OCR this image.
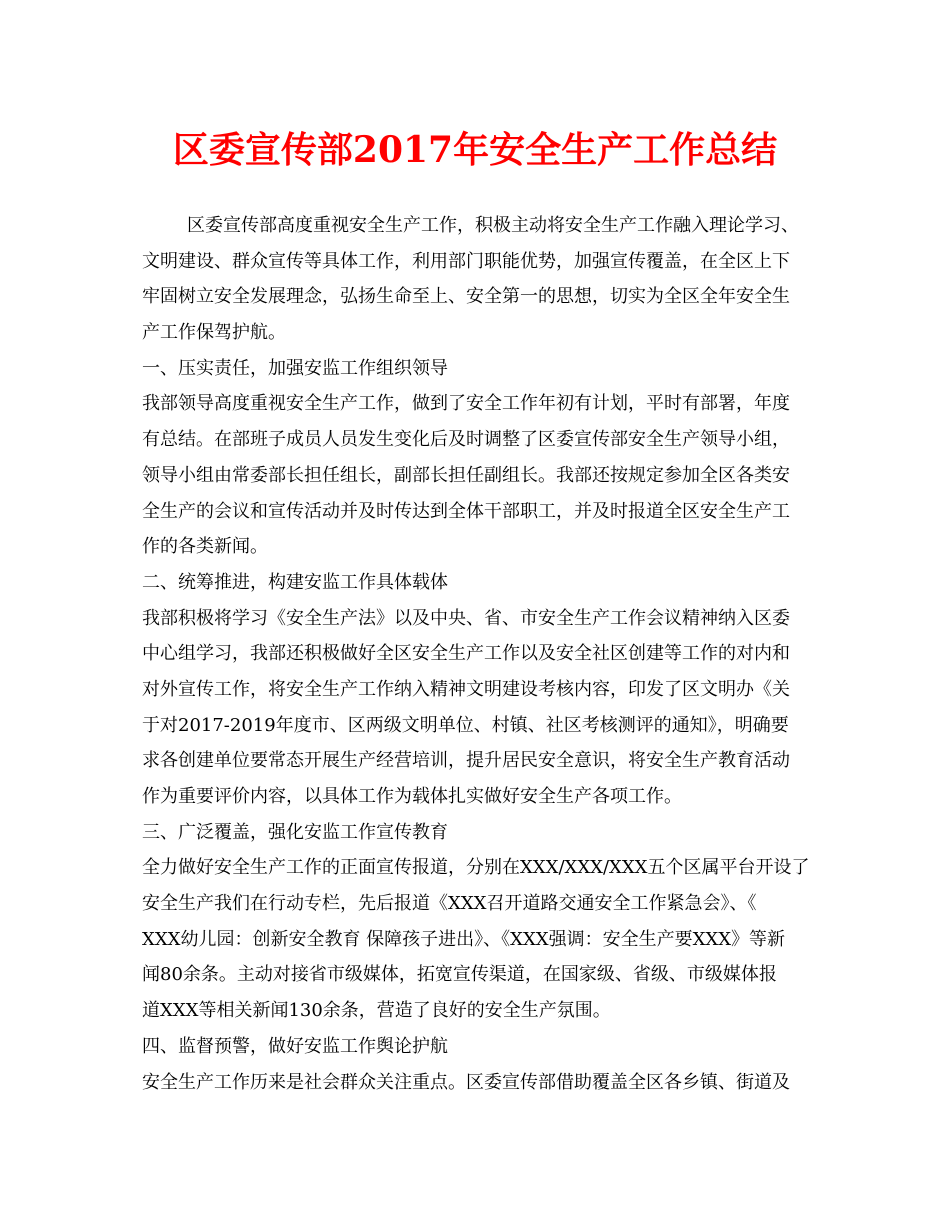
区委宣传部2017年安全生产工作总结
区委宣传部高度重视安全生产工作，积极主动将安全生产工作融入理论学习、
文明建设、群众宣传等具体工作，利用部门职能优势，加强宣传覆盖，在全区上下
牢固树立安全发展理念，弘扬生命至上、安全第一的思想，切实为全区全年安全生
产工作保驾护航。
一、压实责任，加强安监工作组织领导
我部领导高度重视安全生产工作，做到了安全工作年初有计划，平时有部署，年度
有总结。在部班子成员人员发生变化后及时调整了区委宣传部安全生产领导小组，
领导小组由常委部长担任组长，副部长担任副组长。我部还按规定参加全区各类安
全生产的会议和宣传活动并及时传达到全体干部职工，并及时报道全区安全生产工
作的各类新闻。
二、统筹推进，构建安监工作具体载体
我部积极将学习《安全生产法》以及中央、省、市安全生产工作会议精神纳入区委
中心组学习，我部还积极做好全区安全生产工作以及安全社区创建等工作的对内和
对外宣传工作，将安全生产工作纳入精神文明建设考核内容，印发了区文明办《关
于对2017-2019年度市、区两级文明单位、村镇、社区考核测评的通知》，明确要
求各创建单位要常态开展生产经营培训，提升居民安全意识，将安全生产教育活动
作为重要评价内容，以具体工作为载体扎实做好安全生产各项工作。
三、广泛覆盖，强化安监工作宣传教育
全力做好安全生产工作的正面宣传报道，分别在XXX/XXX/XXX五个区属平台开设了
安全生产我们在行动专栏，先后报道《XXX召开道路交通安全工作紧急会》、《
XXX幼儿园：创新安全教育 保障孩子进出》、《XXX强调：安全生产要XXX》等新
闻80余条。主动对接省市级媒体，拓宽宣传渠道，在国家级、省级、市级媒体报
道XXX等相关新闻130余条，营造了良好的安全生产氛围。
四、监督预警，做好安监工作舆论护航
安全生产工作历来是社会群众关注重点。区委宣传部借助覆盖全区各乡镇、街道及
